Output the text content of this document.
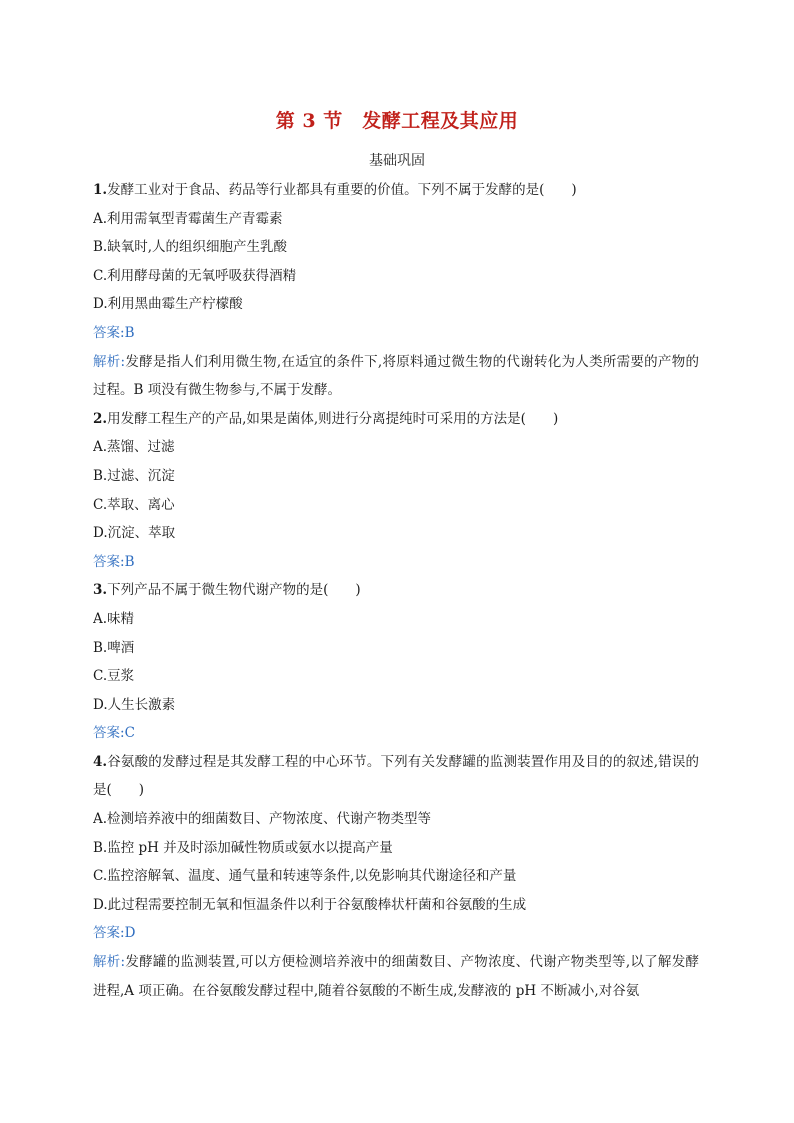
第 3 节　发酵工程及其应用
基础巩固
1.发酵工业对于食品、药品等行业都具有重要的价值。下列不属于发酵的是(　　)
A.利用需氧型青霉菌生产青霉素
B.缺氧时,人的组织细胞产生乳酸
C.利用酵母菌的无氧呼吸获得酒精
D.利用黑曲霉生产柠檬酸
答案:B
解析:发酵是指人们利用微生物,在适宜的条件下,将原料通过微生物的代谢转化为人类所需要的产物的过程。B 项没有微生物参与,不属于发酵。
2.用发酵工程生产的产品,如果是菌体,则进行分离提纯时可采用的方法是(　　)
A.蒸馏、过滤
B.过滤、沉淀
C.萃取、离心
D.沉淀、萃取
答案:B
3.下列产品不属于微生物代谢产物的是(　　)
A.味精
B.啤酒
C.豆浆
D.人生长激素
答案:C
4.谷氨酸的发酵过程是其发酵工程的中心环节。下列有关发酵罐的监测装置作用及目的的叙述,错误的是(　　)
A.检测培养液中的细菌数目、产物浓度、代谢产物类型等
B.监控 pH 并及时添加碱性物质或氨水以提高产量
C.监控溶解氧、温度、通气量和转速等条件,以免影响其代谢途径和产量
D.此过程需要控制无氧和恒温条件以利于谷氨酸棒状杆菌和谷氨酸的生成
答案:D
解析:发酵罐的监测装置,可以方便检测培养液中的细菌数目、产物浓度、代谢产物类型等,以了解发酵进程,A 项正确。在谷氨酸发酵过程中,随着谷氨酸的不断生成,发酵液的 pH 不断减小,对谷氨
